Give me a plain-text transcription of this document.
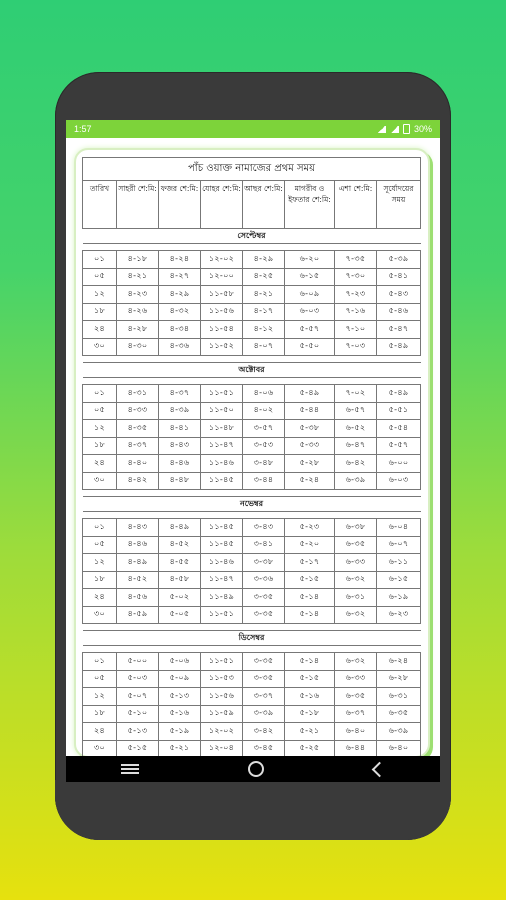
1:57	30%
পাঁচ ওয়াক্ত নামাজের প্রথম সময়							
তারিখ	সাহরী শে:মি:	ফজর শে:মি:	যোহর শে:মি:	আছর শে:মি:	মাগরীব ও ইফতার শে:মি:	এশা শে:মি:	সূর্যোদয়ের সময়
সেপ্টেম্বর							

০১	৪-১৮	৪-২৪	১২-০২	৪-২৯	৬-২০	৭-৩৫	৫-৩৯
০৫	৪-২১	৪-২৭	১২-০০	৪-২৫	৬-১৫	৭-৩০	৫-৪১
১২	৪-২৩	৪-২৯	১১-৫৮	৪-২১	৬-০৯	৭-২৩	৫-৪৩
১৮	৪-২৬	৪-৩২	১১-৫৬	৪-১৭	৬-০৩	৭-১৬	৫-৪৬
২৪	৪-২৮	৪-৩৪	১১-৫৪	৪-১২	৫-৫৭	৭-১০	৫-৪৭
৩০	৪-৩০	৪-৩৬	১১-৫২	৪-০৭	৫-৫০	৭-০৩	৫-৪৯

অক্টোবর							

০১	৪-৩১	৪-৩৭	১১-৫১	৪-০৬	৫-৪৯	৭-০২	৫-৪৯
০৫	৪-৩৩	৪-৩৯	১১-৫০	৪-০২	৫-৪৪	৬-৫৭	৫-৫১
১২	৪-৩৫	৪-৪১	১১-৪৮	৩-৫৭	৫-৩৮	৬-৫২	৫-৫৪
১৮	৪-৩৭	৪-৪৩	১১-৪৭	৩-৫৩	৫-৩৩	৬-৪৭	৫-৫৭
২৪	৪-৪০	৪-৪৬	১১-৪৬	৩-৪৮	৫-২৮	৬-৪২	৬-০০
৩০	৪-৪২	৪-৪৮	১১-৪৫	৩-৪৪	৫-২৪	৬-৩৯	৬-০৩

নভেম্বর							

০১	৪-৪৩	৪-৪৯	১১-৪৫	৩-৪৩	৫-২৩	৬-৩৮	৬-০৪
০৫	৪-৪৬	৪-৫২	১১-৪৫	৩-৪১	৫-২০	৬-৩৫	৬-০৭
১২	৪-৪৯	৪-৫৫	১১-৪৬	৩-৩৮	৫-১৭	৬-৩৩	৬-১১
১৮	৪-৫২	৪-৫৮	১১-৪৭	৩-৩৬	৫-১৫	৬-৩২	৬-১৫
২৪	৪-৫৬	৫-০২	১১-৪৯	৩-৩৫	৫-১৪	৬-৩১	৬-১৯
৩০	৪-৫৯	৫-০৫	১১-৫১	৩-৩৫	৫-১৪	৬-৩২	৬-২৩

ডিসেম্বর							

০১	৫-০০	৫-০৬	১১-৫১	৩-৩৫	৫-১৪	৬-৩২	৬-২৪
০৫	৫-০৩	৫-০৯	১১-৫৩	৩-৩৫	৫-১৫	৬-৩৩	৬-২৮
১২	৫-০৭	৫-১৩	১১-৫৬	৩-৩৭	৫-১৬	৬-৩৫	৬-৩১
১৮	৫-১০	৫-১৬	১১-৫৯	৩-৩৯	৫-১৮	৬-৩৭	৬-৩৫
২৪	৫-১৩	৫-১৯	১২-০২	৩-৪২	৫-২১	৬-৪০	৬-৩৯
৩০	৫-১৫	৫-২১	১২-০৪	৩-৪৫	৫-২৫	৬-৪৪	৬-৪০
